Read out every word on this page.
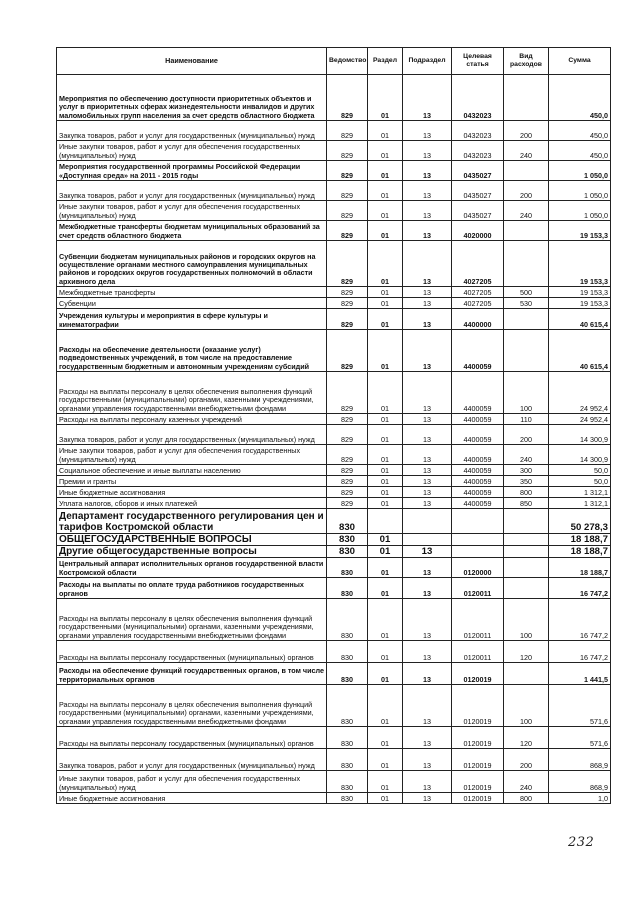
Наименование	Ведомство	Раздел	Подраздел	Целевая статья	Вид расходов	Сумма
Мероприятия по обеспечению доступности приоритетных объектов и услуг в приоритетных сферах жизнедеятельности инвалидов и других маломобильных групп населения за счет средств областного бюджета	829	01	13	0432023		450,0
Закупка товаров, работ и услуг для государственных (муниципальных) нужд	829	01	13	0432023	200	450,0
Иные закупки товаров, работ и услуг для обеспечения государственных (муниципальных) нужд	829	01	13	0432023	240	450,0
Мероприятия государственной программы Российской Федерации «Доступная среда» на 2011 - 2015 годы	829	01	13	0435027		1 050,0
Закупка товаров, работ и услуг для государственных (муниципальных) нужд	829	01	13	0435027	200	1 050,0
Иные закупки товаров, работ и услуг для обеспечения государственных (муниципальных) нужд	829	01	13	0435027	240	1 050,0
Межбюджетные трансферты бюджетам муниципальных образований за счет средств областного бюджета	829	01	13	4020000		19 153,3
Субвенции бюджетам муниципальных районов и городских округов на осуществление органами местного самоуправления муниципальных районов и городских округов государственных полномочий в области архивного дела	829	01	13	4027205		19 153,3
Межбюджетные трансферты	829	01	13	4027205	500	19 153,3
Субвенции	829	01	13	4027205	530	19 153,3
Учреждения культуры и мероприятия в сфере культуры и кинематографии	829	01	13	4400000		40 615,4
Расходы на обеспечение деятельности (оказание услуг) подведомственных учреждений, в том числе на предоставление государственным бюджетным и автономным учреждениям субсидий	829	01	13	4400059		40 615,4
Расходы на выплаты персоналу в целях обеспечения выполнения функций государственными (муниципальными) органами, казенными учреждениями, органами управления государственными внебюджетными фондами	829	01	13	4400059	100	24 952,4
Расходы на выплаты персоналу казенных учреждений	829	01	13	4400059	110	24 952,4
Закупка товаров, работ и услуг для государственных (муниципальных) нужд	829	01	13	4400059	200	14 300,9
Иные закупки товаров, работ и услуг для обеспечения государственных (муниципальных) нужд	829	01	13	4400059	240	14 300,9
Социальное обеспечение и иные выплаты населению	829	01	13	4400059	300	50,0
Премии и гранты	829	01	13	4400059	350	50,0
Иные бюджетные ассигнования	829	01	13	4400059	800	1 312,1
Уплата налогов, сборов и иных платежей	829	01	13	4400059	850	1 312,1
Департамент государственного регулирования цен и тарифов Костромской области	830					50 278,3
ОБЩЕГОСУДАРСТВЕННЫЕ ВОПРОСЫ	830	01				18 188,7
Другие общегосударственные вопросы	830	01	13			18 188,7
Центральный аппарат исполнительных органов государственной власти Костромской области	830	01	13	0120000		18 188,7
Расходы на выплаты по оплате труда работников государственных органов	830	01	13	0120011		16 747,2
Расходы на выплаты персоналу в целях обеспечения выполнения функций государственными (муниципальными) органами, казенными учреждениями, органами управления государственными внебюджетными фондами	830	01	13	0120011	100	16 747,2
Расходы на выплаты персоналу государственных (муниципальных) органов	830	01	13	0120011	120	16 747,2
Расходы на обеспечение функций государственных органов, в том числе территориальных органов	830	01	13	0120019		1 441,5
Расходы на выплаты персоналу в целях обеспечения выполнения функций государственными (муниципальными) органами, казенными учреждениями, органами управления государственными внебюджетными фондами	830	01	13	0120019	100	571,6
Расходы на выплаты персоналу государственных (муниципальных) органов	830	01	13	0120019	120	571,6
Закупка товаров, работ и услуг для государственных (муниципальных) нужд	830	01	13	0120019	200	868,9
Иные закупки товаров, работ и услуг для обеспечения государственных (муниципальных) нужд	830	01	13	0120019	240	868,9
Иные бюджетные ассигнования	830	01	13	0120019	800	1,0
232
